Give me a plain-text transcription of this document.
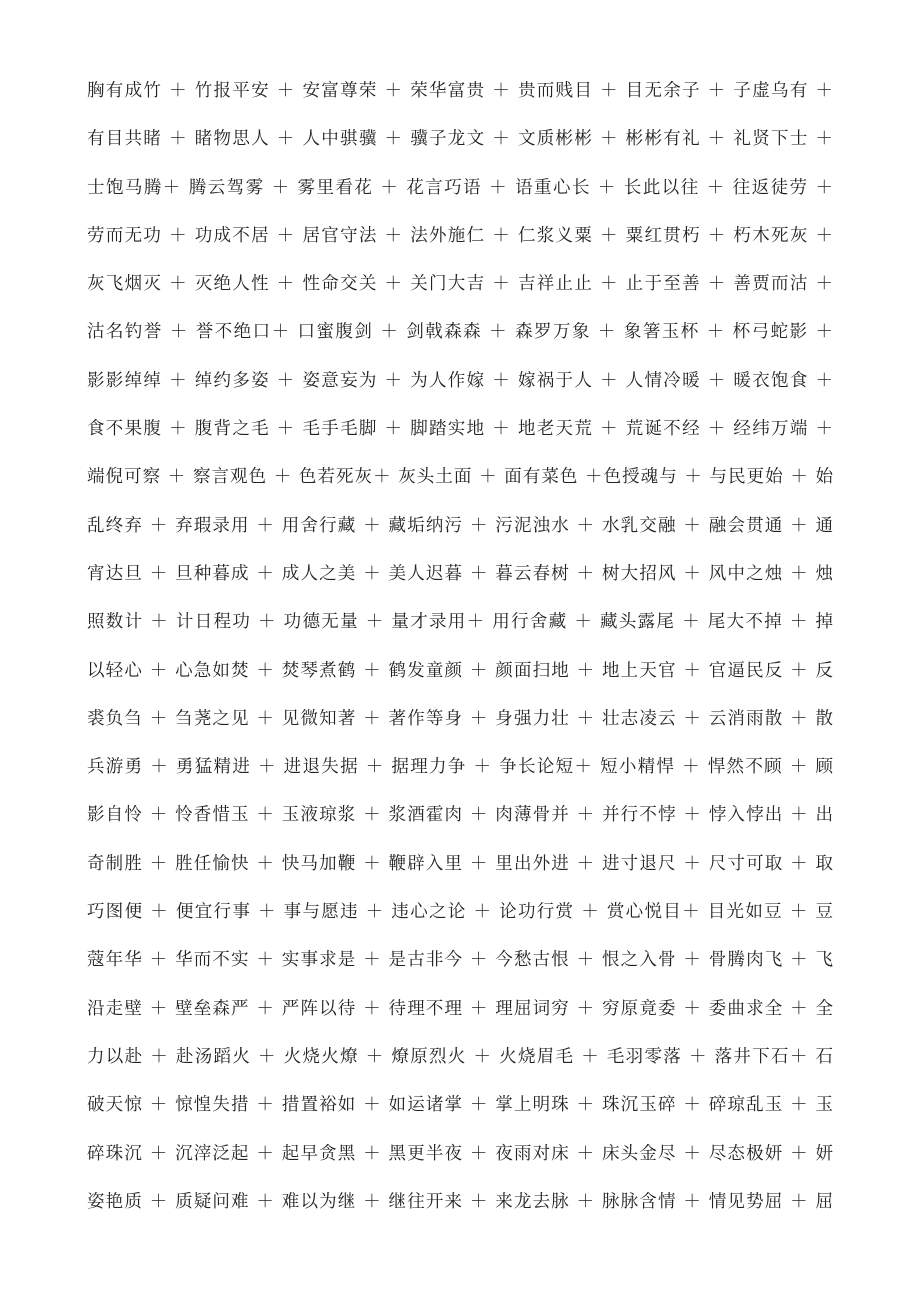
胸有成竹 ＋ 竹报平安 ＋ 安富尊荣 ＋ 荣华富贵 ＋ 贵而贱目 ＋ 目无余子 ＋ 子虚乌有 ＋
有目共睹 ＋ 睹物思人 ＋ 人中骐骥 ＋ 骥子龙文 ＋ 文质彬彬 ＋ 彬彬有礼 ＋ 礼贤下士 ＋
士饱马腾＋ 腾云驾雾 ＋ 雾里看花 ＋ 花言巧语 ＋ 语重心长 ＋ 长此以往 ＋ 往返徒劳 ＋
劳而无功 ＋ 功成不居 ＋ 居官守法 ＋ 法外施仁 ＋ 仁浆义粟 ＋ 粟红贯朽 ＋ 朽木死灰 ＋
灰飞烟灭 ＋ 灭绝人性 ＋ 性命交关 ＋ 关门大吉 ＋ 吉祥止止 ＋ 止于至善 ＋ 善贾而沽 ＋
沽名钓誉 ＋ 誉不绝口＋ 口蜜腹剑 ＋ 剑戟森森 ＋ 森罗万象 ＋ 象箸玉杯 ＋ 杯弓蛇影 ＋
影影绰绰 ＋ 绰约多姿 ＋ 姿意妄为 ＋ 为人作嫁 ＋ 嫁祸于人 ＋ 人情冷暖 ＋ 暖衣饱食 ＋
食不果腹 ＋ 腹背之毛 ＋ 毛手毛脚 ＋ 脚踏实地 ＋ 地老天荒 ＋ 荒诞不经 ＋ 经纬万端 ＋
端倪可察 ＋ 察言观色 ＋ 色若死灰＋ 灰头土面 ＋ 面有菜色 ＋色授魂与 ＋ 与民更始 ＋ 始
乱终弃 ＋ 弃瑕录用 ＋ 用舍行藏 ＋ 藏垢纳污 ＋ 污泥浊水 ＋ 水乳交融 ＋ 融会贯通 ＋ 通
宵达旦 ＋ 旦种暮成 ＋ 成人之美 ＋ 美人迟暮 ＋ 暮云春树 ＋ 树大招风 ＋ 风中之烛 ＋ 烛
照数计 ＋ 计日程功 ＋ 功德无量 ＋ 量才录用＋ 用行舍藏 ＋ 藏头露尾 ＋ 尾大不掉 ＋ 掉
以轻心 ＋ 心急如焚 ＋ 焚琴煮鹤 ＋ 鹤发童颜 ＋ 颜面扫地 ＋ 地上天官 ＋ 官逼民反 ＋ 反
裘负刍 ＋ 刍荛之见 ＋ 见微知著 ＋ 著作等身 ＋ 身强力壮 ＋ 壮志凌云 ＋ 云消雨散 ＋ 散
兵游勇 ＋ 勇猛精进 ＋ 进退失据 ＋ 据理力争 ＋ 争长论短＋ 短小精悍 ＋ 悍然不顾 ＋ 顾
影自怜 ＋ 怜香惜玉 ＋ 玉液琼浆 ＋ 浆酒霍肉 ＋ 肉薄骨并 ＋ 并行不悖 ＋ 悖入悖出 ＋ 出
奇制胜 ＋ 胜任愉快 ＋ 快马加鞭 ＋ 鞭辟入里 ＋ 里出外进 ＋ 进寸退尺 ＋ 尺寸可取 ＋ 取
巧图便 ＋ 便宜行事 ＋ 事与愿违 ＋ 违心之论 ＋ 论功行赏 ＋ 赏心悦目＋ 目光如豆 ＋ 豆
蔻年华 ＋ 华而不实 ＋ 实事求是 ＋ 是古非今 ＋ 今愁古恨 ＋ 恨之入骨 ＋ 骨腾肉飞 ＋ 飞
沿走壁 ＋ 壁垒森严 ＋ 严阵以待 ＋ 待理不理 ＋ 理屈词穷 ＋ 穷原竟委 ＋ 委曲求全 ＋ 全
力以赴 ＋ 赴汤蹈火 ＋ 火烧火燎 ＋ 燎原烈火 ＋ 火烧眉毛 ＋ 毛羽零落 ＋ 落井下石＋ 石
破天惊 ＋ 惊惶失措 ＋ 措置裕如 ＋ 如运诸掌 ＋ 掌上明珠 ＋ 珠沉玉碎 ＋ 碎琼乱玉 ＋ 玉
碎珠沉 ＋ 沉滓泛起 ＋ 起早贪黑 ＋ 黑更半夜 ＋ 夜雨对床 ＋ 床头金尽 ＋ 尽态极妍 ＋ 妍
姿艳质 ＋ 质疑问难 ＋ 难以为继 ＋ 继往开来 ＋ 来龙去脉 ＋ 脉脉含情 ＋ 情见势屈 ＋ 屈
